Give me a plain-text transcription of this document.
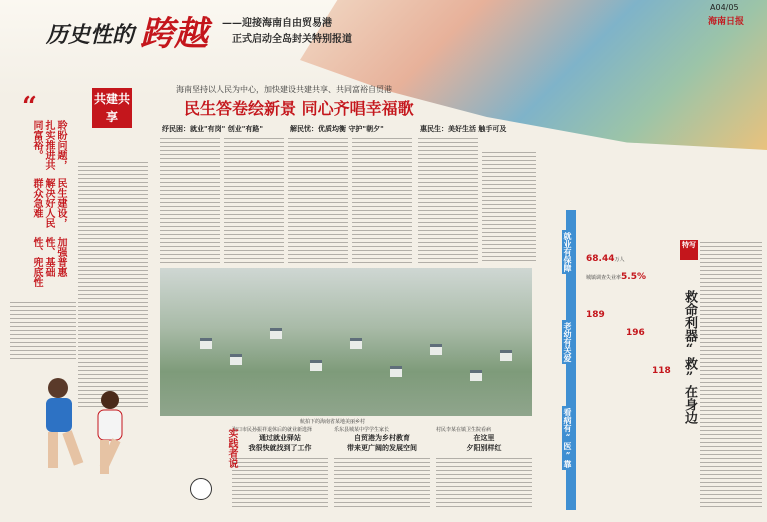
历史性的 跨越 ——迎接海南自由贸易港
正式启动全岛封关特别报道
A04/05
海南日报
共建共享
海南坚持以人民为中心，加快建设共建共享、共同富裕自贸港
民生答卷绘新景 同心齐唱幸福歌
“
聆盼问题，扎实推进共同富裕。
民生建设，解决好人民群众急难
加强普惠性、基础性、兜底性
纾民困：就业"有岗" 创业"有路"	解民忧：优质均衡 守护"朝夕"	惠民生：美好生活 触手可及
航拍下的海南省某地美丽乡村
海口市民孙振祥退休后的就业新选择
通过就业驿站
我很快就找到了工作
乐东县城某中学学生家长
自贸港为乡村教育
带来更广阔的发展空间
村民李某在镇卫生院看病
在这里
夕阳别样红
实践者说
就业有保障
老幼有关爱
看病有“医”靠
68.44万人
城镇调查失业率5.5%
189
196
118
特写
救命利器“救”在身边
